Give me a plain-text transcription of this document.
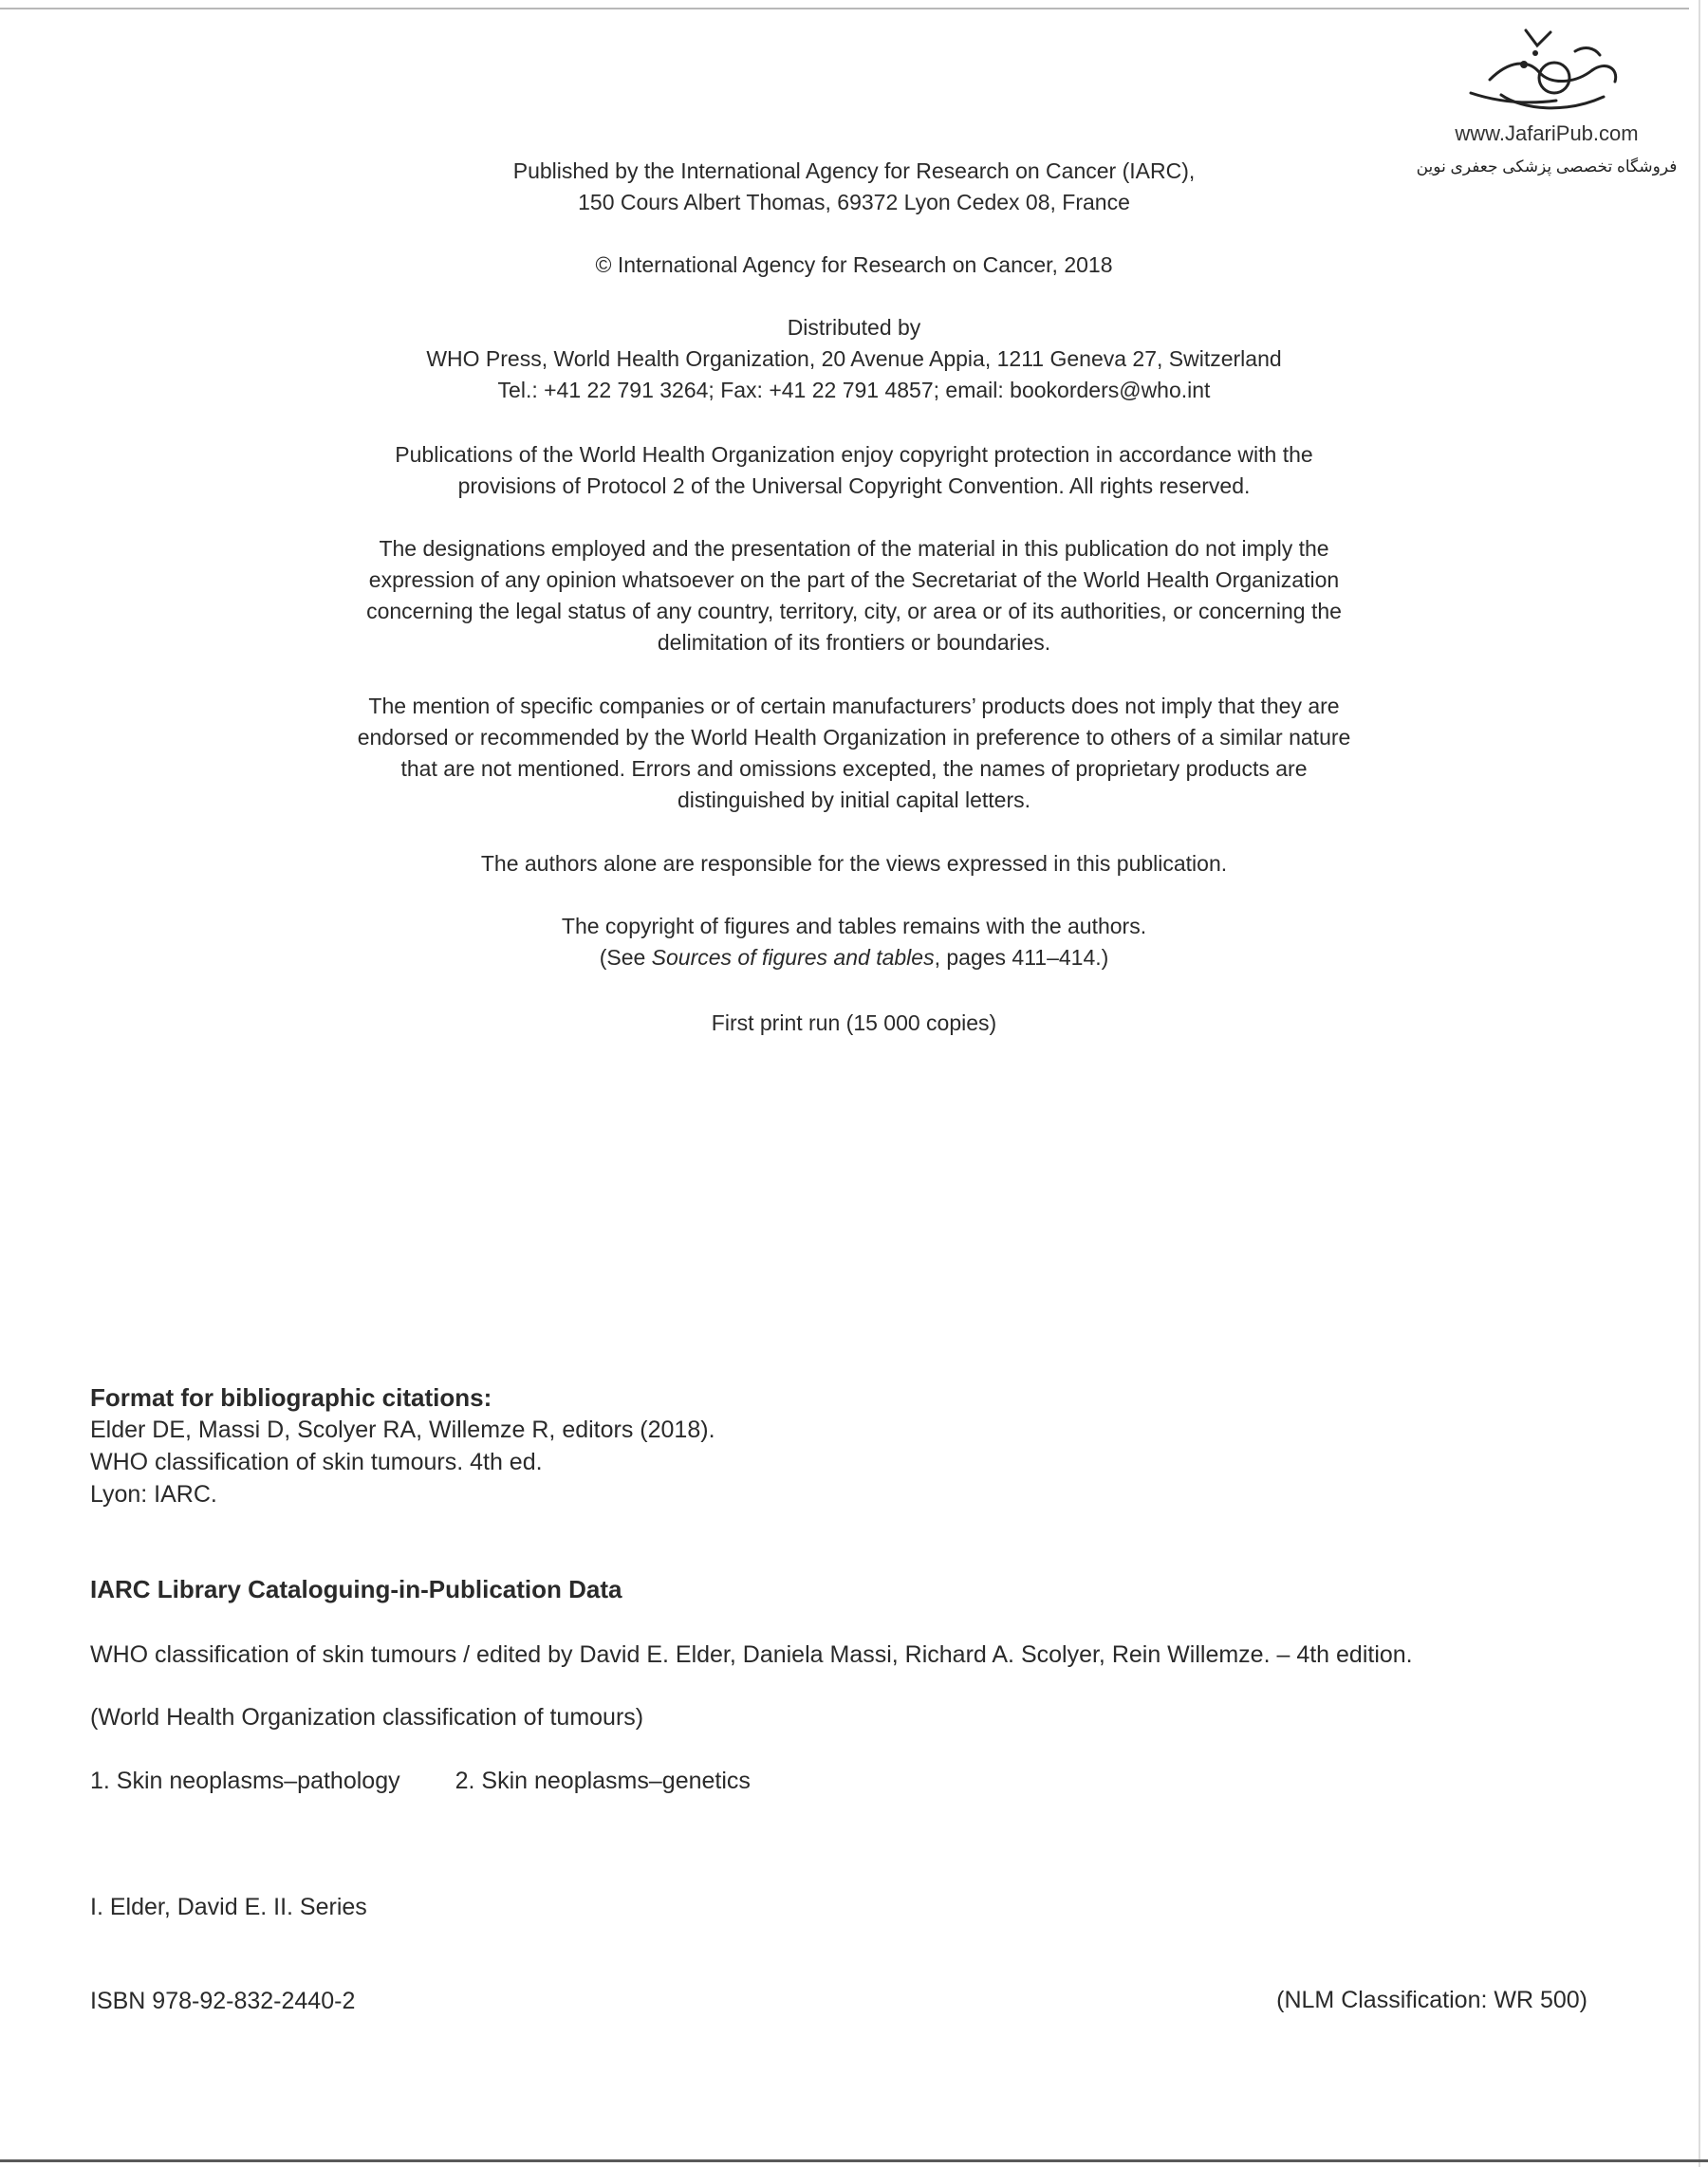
www.JafariPub.com
فروشگاه تخصصی پزشکی جعفری نوین
Published by the International Agency for Research on Cancer (IARC),
150 Cours Albert Thomas, 69372 Lyon Cedex 08, France
© International Agency for Research on Cancer, 2018
Distributed by
WHO Press, World Health Organization, 20 Avenue Appia, 1211 Geneva 27, Switzerland
Tel.: +41 22 791 3264; Fax: +41 22 791 4857; email: bookorders@who.int
Publications of the World Health Organization enjoy copyright protection in accordance with the
provisions of Protocol 2 of the Universal Copyright Convention. All rights reserved.
The designations employed and the presentation of the material in this publication do not imply the
expression of any opinion whatsoever on the part of the Secretariat of the World Health Organization
concerning the legal status of any country, territory, city, or area or of its authorities, or concerning the
delimitation of its frontiers or boundaries.
The mention of specific companies or of certain manufacturers’ products does not imply that they are
endorsed or recommended by the World Health Organization in preference to others of a similar nature
that are not mentioned. Errors and omissions excepted, the names of proprietary products are
distinguished by initial capital letters.
The authors alone are responsible for the views expressed in this publication.
The copyright of figures and tables remains with the authors.
(See Sources of figures and tables, pages 411–414.)
First print run (15 000 copies)
Format for bibliographic citations:
Elder DE, Massi D, Scolyer RA, Willemze R, editors (2018).
WHO classification of skin tumours. 4th ed.
Lyon: IARC.
IARC Library Cataloguing-in-Publication Data
WHO classification of skin tumours / edited by David E. Elder, Daniela Massi, Richard A. Scolyer, Rein Willemze. – 4th edition.
(World Health Organization classification of tumours)
1. Skin neoplasms–pathology 2. Skin neoplasms–genetics
I. Elder, David E. II. Series
ISBN 978-92-832-2440-2	(NLM Classification: WR 500)
